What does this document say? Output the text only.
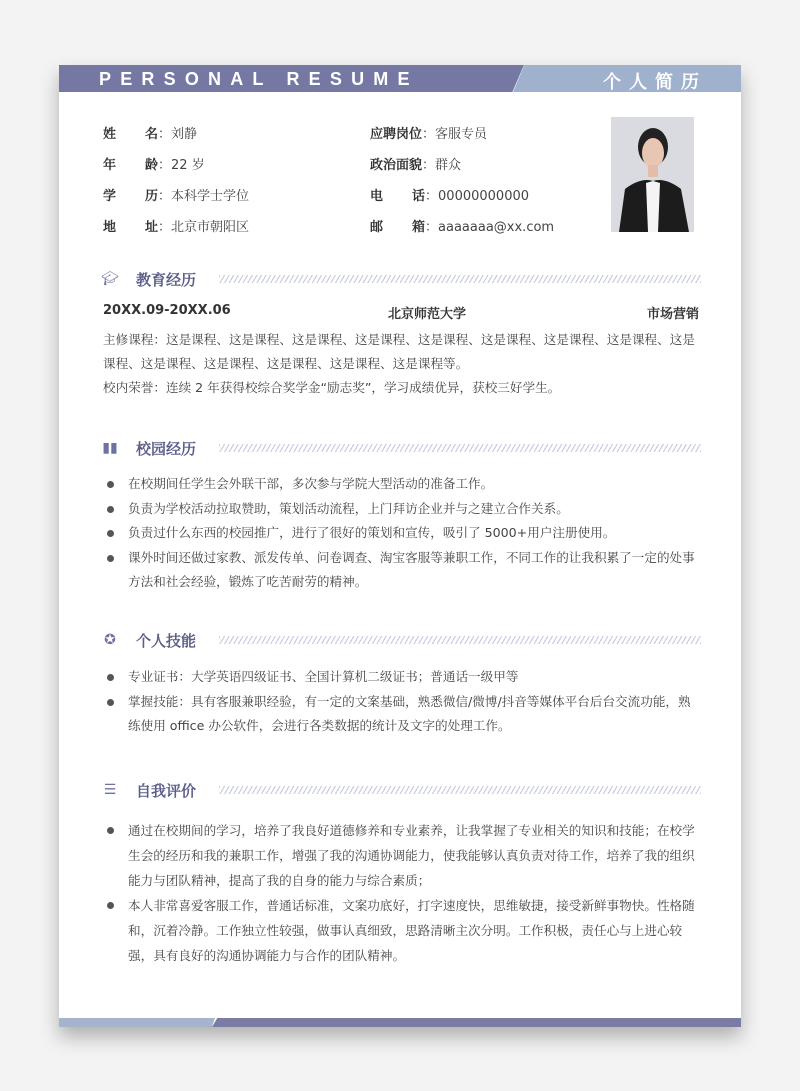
PERSONAL RESUME	个人简历
姓 名：刘静
年 龄：22 岁
学 历：本科学士学位
地 址：北京市朝阳区
应聘岗位：客服专员
政治面貌：群众
电 话：00000000000
邮 箱：aaaaaaa@xx.com
🎓︎ 教育经历
20XX.09-20XX.06	北京师范大学	市场营销
主修课程：这是课程、这是课程、这是课程、这是课程、这是课程、这是课程、这是课程、这是课程、这是课程、这是课程、这是课程、这是课程、这是课程、这是课程等。
校内荣誉：连续 2 年获得校综合奖学金“励志奖”，学习成绩优异，获校三好学生。
▮▮ 校园经历
在校期间任学生会外联干部，多次参与学院大型活动的准备工作。
负责为学校活动拉取赞助，策划活动流程，上门拜访企业并与之建立合作关系。
负责过什么东西的校园推广，进行了很好的策划和宣传，吸引了 5000+用户注册使用。
课外时间还做过家教、派发传单、问卷调查、淘宝客服等兼职工作，不同工作的让我积累了一定的处事方法和社会经验，锻炼了吃苦耐劳的精神。
✪ 个人技能
专业证书：大学英语四级证书、全国计算机二级证书；普通话一级甲等
掌握技能：具有客服兼职经验，有一定的文案基础，熟悉微信/微博/抖音等媒体平台后台交流功能，熟练使用 office 办公软件，会进行各类数据的统计及文字的处理工作。
☰ 自我评价
通过在校期间的学习，培养了我良好道德修养和专业素养，让我掌握了专业相关的知识和技能；在校学生会的经历和我的兼职工作，增强了我的沟通协调能力，使我能够认真负责对待工作，培养了我的组织能力与团队精神，提高了我的自身的能力与综合素质；
本人非常喜爱客服工作，普通话标准，文案功底好，打字速度快，思维敏捷，接受新鲜事物快。性格随和，沉着冷静。工作独立性较强，做事认真细致，思路清晰主次分明。工作积极，责任心与上进心较强，具有良好的沟通协调能力与合作的团队精神。
